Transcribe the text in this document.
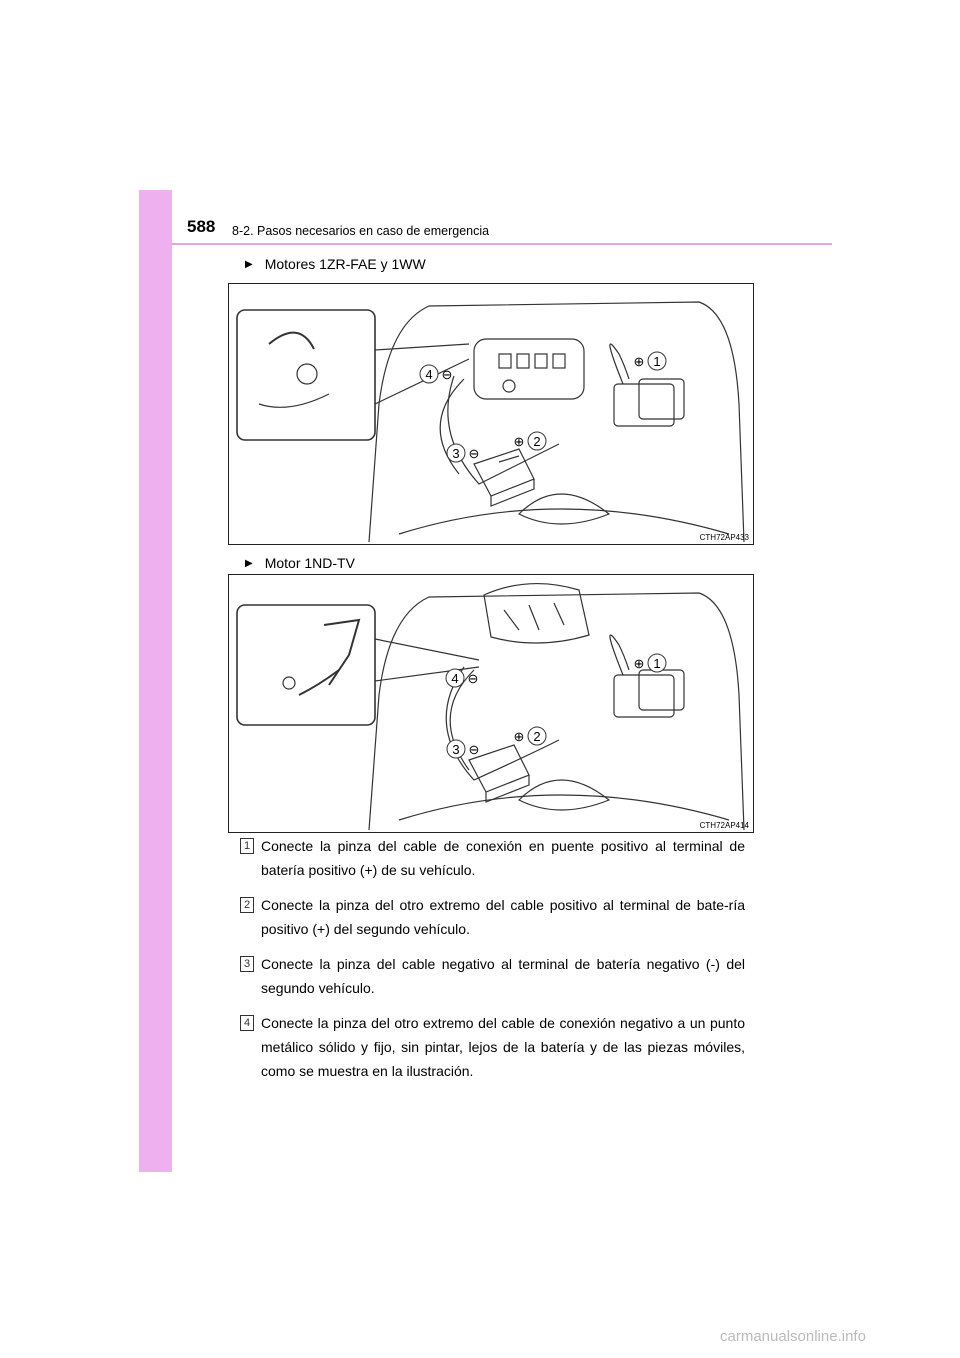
588 8-2. Pasos necesarios en caso de emergencia
▶ Motores 1ZR-FAE y 1WW
1
⊕
2
⊕
3 ⊖
4 ⊖
CTH72AP433
▶ Motor 1ND-TV
1
⊕
2
⊕
3 ⊖
4 ⊖
CTH72AP414
1 Conecte la pinza del cable de conexión en puente positivo al terminal de batería positivo (+) de su vehículo.
2 Conecte la pinza del otro extremo del cable positivo al terminal de bate-ría positivo (+) del segundo vehículo.
3 Conecte la pinza del cable negativo al terminal de batería negativo (-) del segundo vehículo.
4 Conecte la pinza del otro extremo del cable de conexión negativo a un punto metálico sólido y fijo, sin pintar, lejos de la batería y de las piezas móviles, como se muestra en la ilustración.
carmanualsonline.info
